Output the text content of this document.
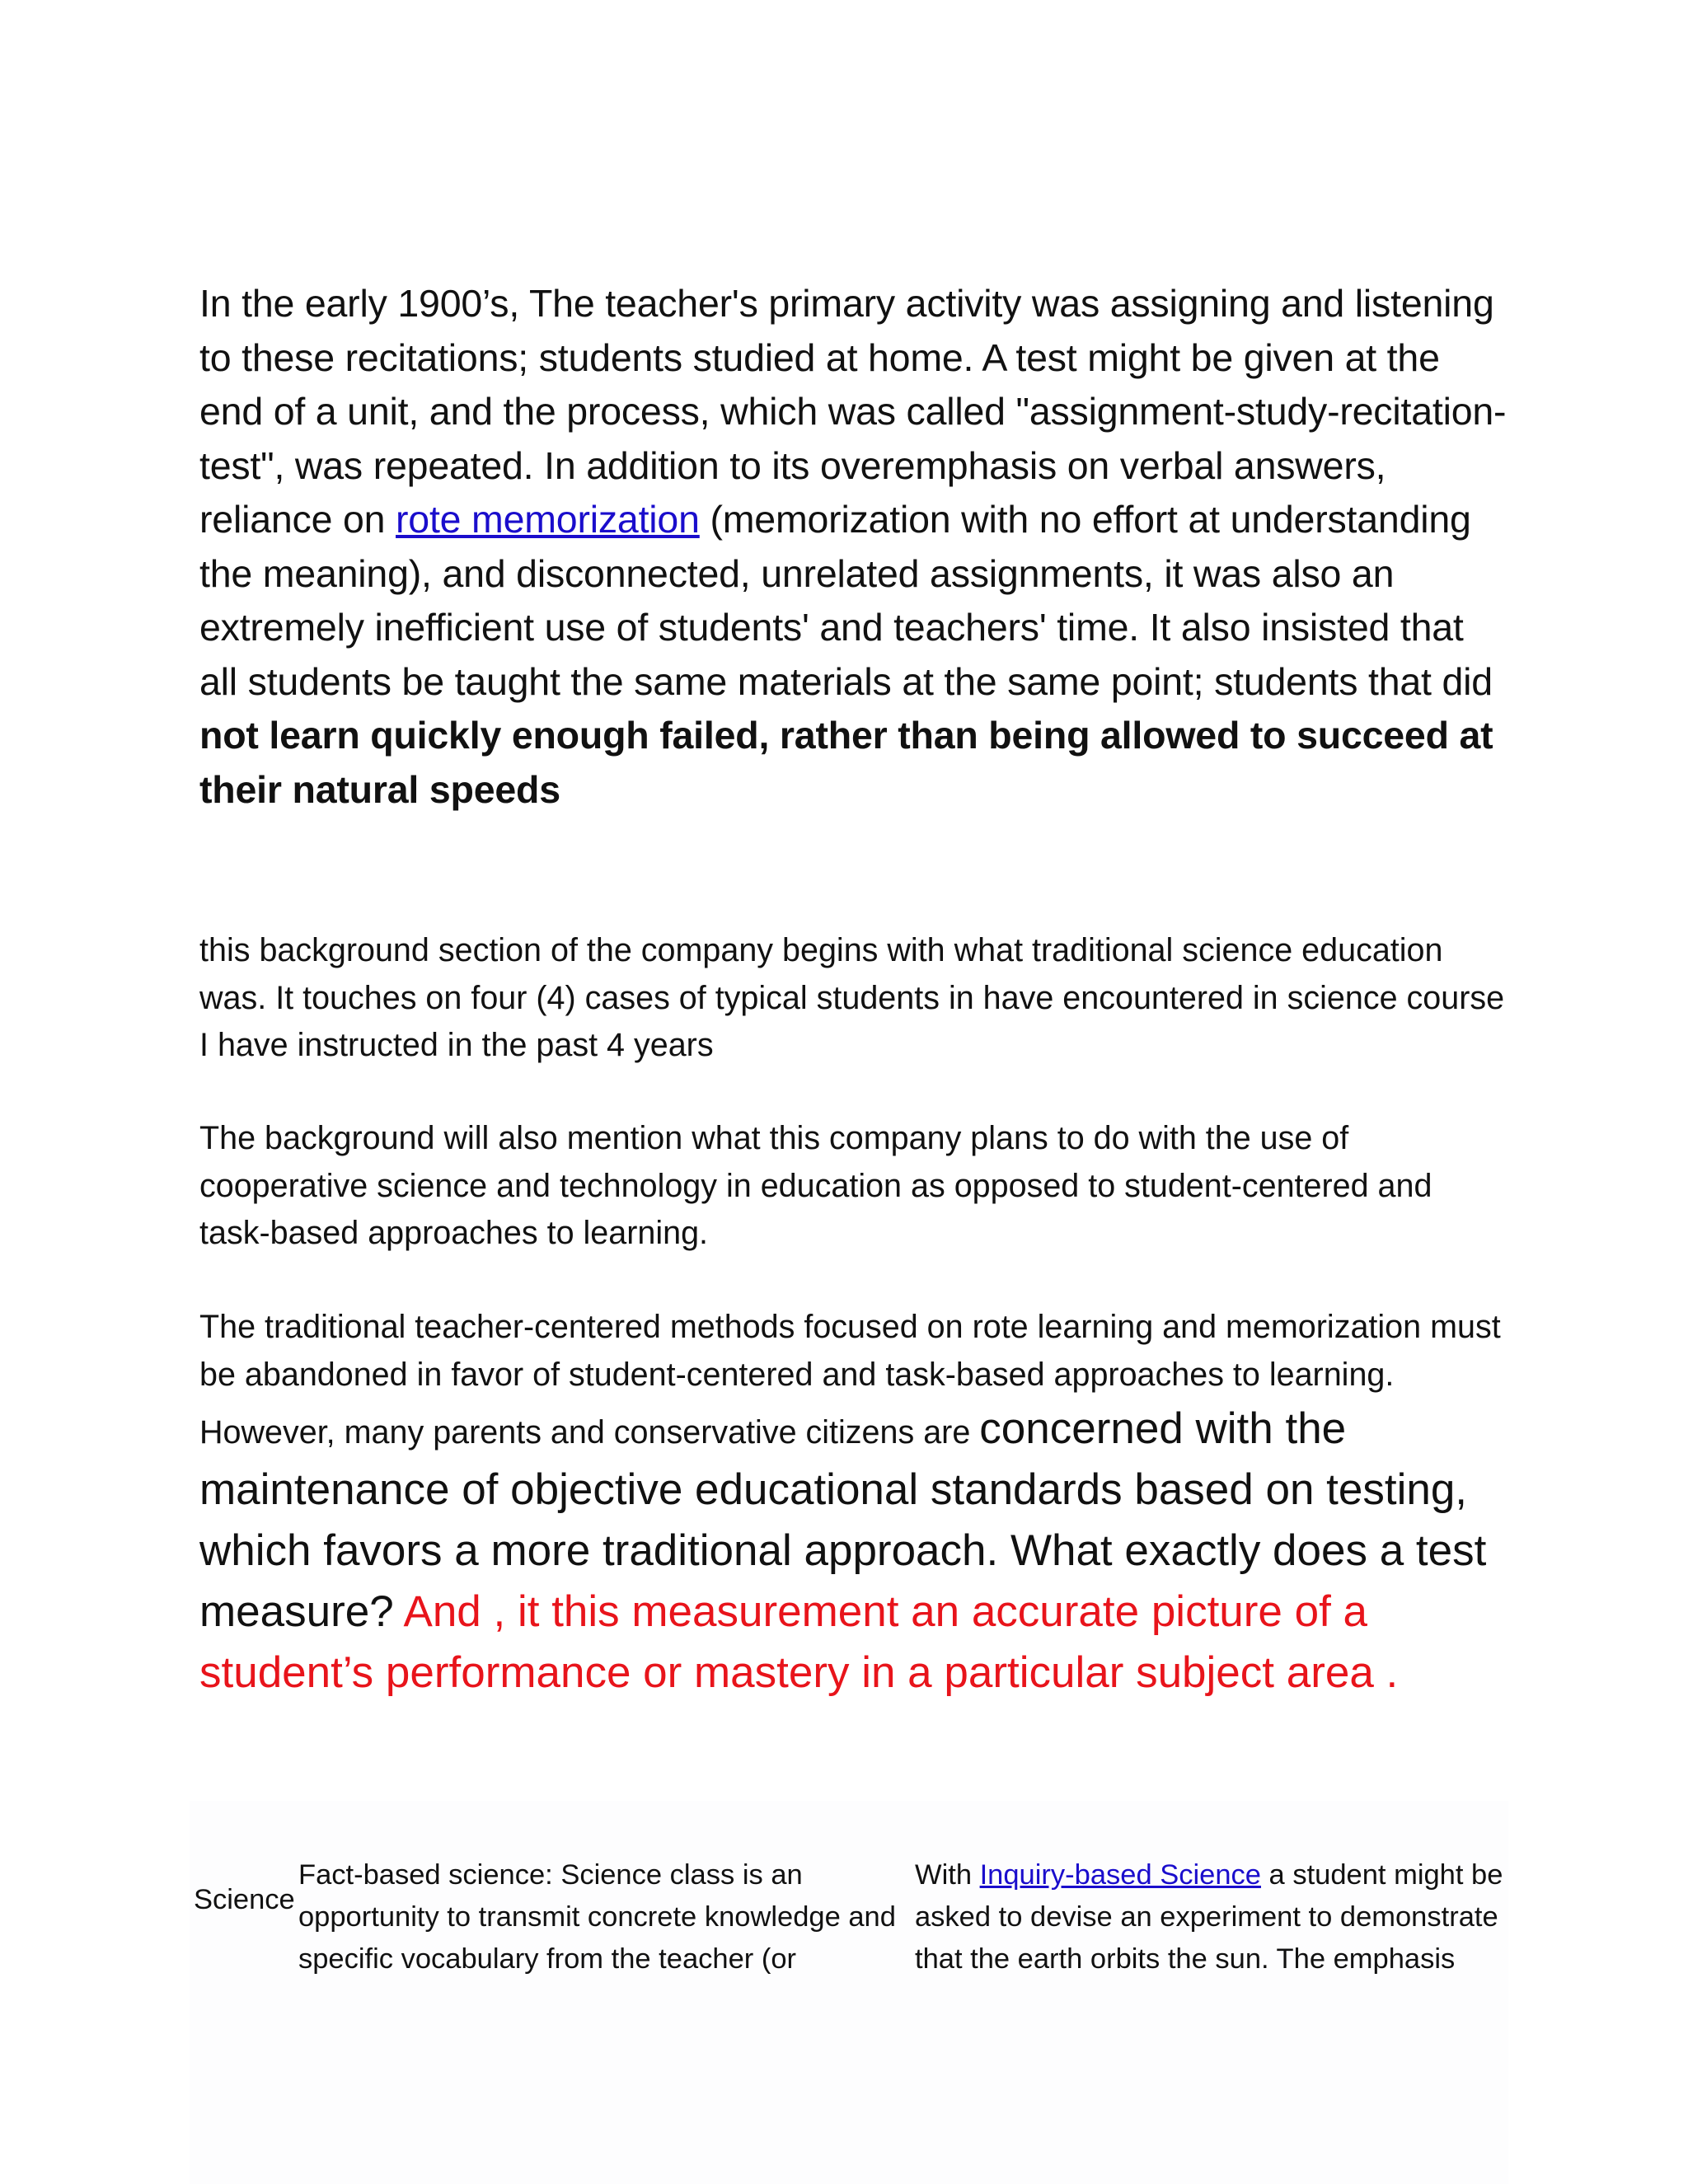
In the early 1900’s, The teacher's primary activity was assigning and listening to these recitations; students studied at home. A test might be given at the end of a unit, and the process, which was called "assignment-study-recitation-test", was repeated. In addition to its overemphasis on verbal answers, reliance on rote memorization (memorization with no effort at understanding the meaning), and disconnected, unrelated assignments, it was also an extremely inefficient use of students' and teachers' time. It also insisted that all students be taught the same materials at the same point; students that did not learn quickly enough failed, rather than being allowed to succeed at their natural speeds
this background section of the company begins with what traditional science education was. It touches on four (4) cases of typical students in have encountered in science course I have instructed in the past 4 years
The background will also mention what this company plans to do with the use of cooperative science and technology in education as opposed to student-centered and task-based approaches to learning.
The traditional teacher-centered methods focused on rote learning and memorization must be abandoned in favor of student-centered and task-based approaches to learning. However, many parents and conservative citizens are concerned with the maintenance of objective educational standards based on testing, which favors a more traditional approach. What exactly does a test measure? And , it this measurement an accurate picture of a student’s performance or mastery in a particular subject area .
Science
Fact-based science: Science class is an opportunity to transmit concrete knowledge and specific vocabulary from the teacher (or
With Inquiry-based Science a student might be asked to devise an experiment to demonstrate that the earth orbits the sun. The emphasis
